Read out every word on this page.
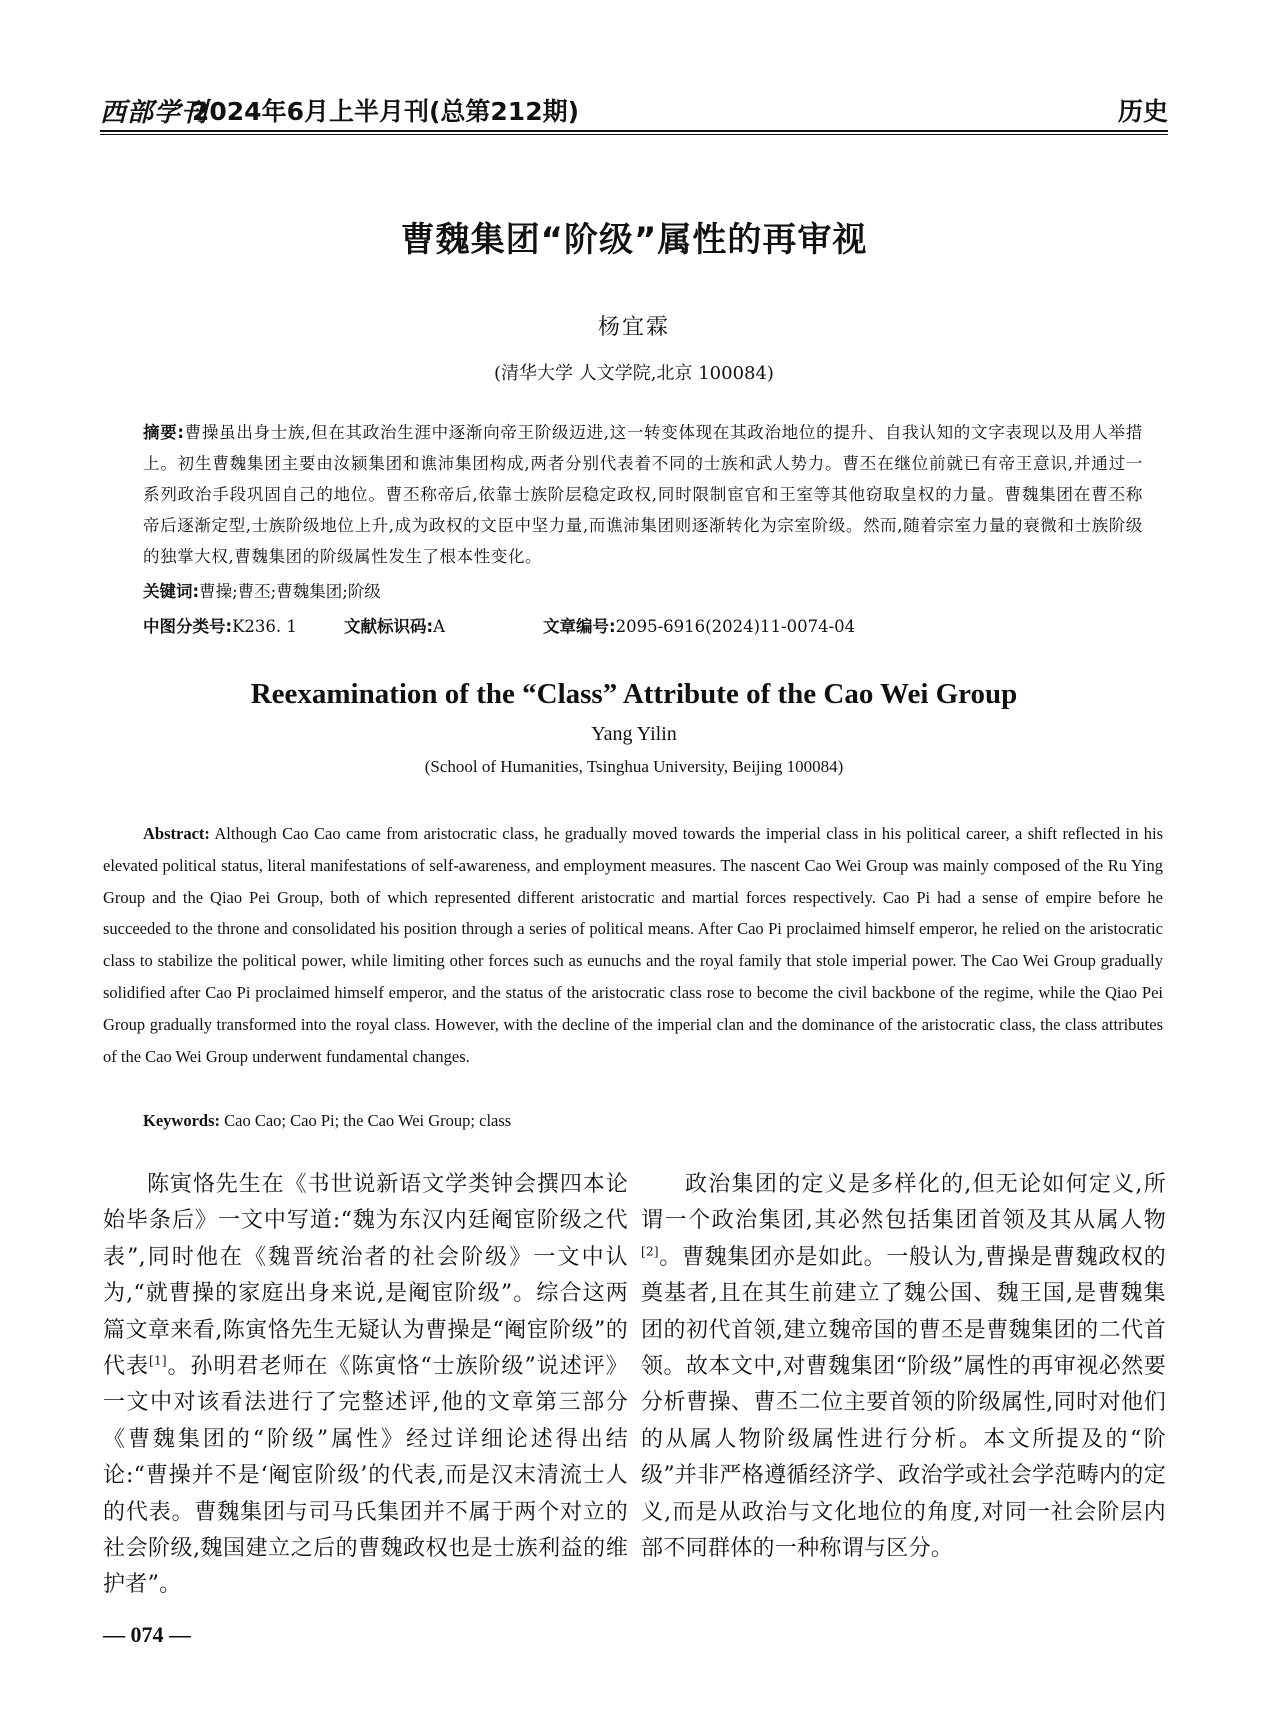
西部学刊
2024年6月上半月刊(总第212期)	历史
曹魏集团“阶级”属性的再审视
杨宜霖
(清华大学 人文学院,北京 100084)
摘要:曹操虽出身士族,但在其政治生涯中逐渐向帝王阶级迈进,这一转变体现在其政治地位的提升、自我认知的文字表现以及用人举措上。初生曹魏集团主要由汝颍集团和谯沛集团构成,两者分别代表着不同的士族和武人势力。曹丕在继位前就已有帝王意识,并通过一系列政治手段巩固自己的地位。曹丕称帝后,依靠士族阶层稳定政权,同时限制宦官和王室等其他窃取皇权的力量。曹魏集团在曹丕称帝后逐渐定型,士族阶级地位上升,成为政权的文臣中坚力量,而谯沛集团则逐渐转化为宗室阶级。然而,随着宗室力量的衰微和士族阶级的独掌大权,曹魏集团的阶级属性发生了根本性变化。
关键词:曹操;曹丕;曹魏集团;阶级
中图分类号:K236. 1	文献标识码:A	文章编号:2095-6916(2024)11-0074-04
Reexamination of the “Class” Attribute of the Cao Wei Group
Yang Yilin
(School of Humanities, Tsinghua University, Beijing 100084)
Abstract: Although Cao Cao came from aristocratic class, he gradually moved towards the imperial class in his political career, a shift reflected in his elevated political status, literal manifestations of self-awareness, and employment measures. The nascent Cao Wei Group was mainly composed of the Ru Ying Group and the Qiao Pei Group, both of which represented different aristocratic and martial forces respectively. Cao Pi had a sense of empire before he succeeded to the throne and consolidated his position through a series of political means. After Cao Pi proclaimed himself emperor, he relied on the aristocratic class to stabilize the political power, while limiting other forces such as eunuchs and the royal family that stole imperial power. The Cao Wei Group gradually solidified after Cao Pi proclaimed himself emperor, and the status of the aristocratic class rose to become the civil backbone of the regime, while the Qiao Pei Group gradually transformed into the royal class. However, with the decline of the imperial clan and the dominance of the aristocratic class, the class attributes of the Cao Wei Group underwent fundamental changes.
Keywords: Cao Cao; Cao Pi; the Cao Wei Group; class

陈寅恪先生在《书世说新语文学类钟会撰四本论始毕条后》一文中写道:“魏为东汉内廷阉宦阶级之代表”,同时他在《魏晋统治者的社会阶级》一文中认为,“就曹操的家庭出身来说,是阉宦阶级”。综合这两篇文章来看,陈寅恪先生无疑认为曹操是“阉宦阶级”的代表[1]。孙明君老师在《陈寅恪“士族阶级”说述评》一文中对该看法进行了完整述评,他的文章第三部分《曹魏集团的“阶级”属性》经过详细论述得出结论:“曹操并不是‘阉宦阶级’的代表,而是汉末清流士人的代表。曹魏集团与司马氏集团并不属于两个对立的社会阶级,魏国建立之后的曹魏政权也是士族利益的维护者”。

政治集团的定义是多样化的,但无论如何定义,所谓一个政治集团,其必然包括集团首领及其从属人物[2]。曹魏集团亦是如此。一般认为,曹操是曹魏政权的奠基者,且在其生前建立了魏公国、魏王国,是曹魏集团的初代首领,建立魏帝国的曹丕是曹魏集团的二代首领。故本文中,对曹魏集团“阶级”属性的再审视必然要分析曹操、曹丕二位主要首领的阶级属性,同时对他们的从属人物阶级属性进行分析。本文所提及的“阶级”并非严格遵循经济学、政治学或社会学范畴内的定义,而是从政治与文化地位的角度,对同一社会阶层内部不同群体的一种称谓与区分。

— 074 —
